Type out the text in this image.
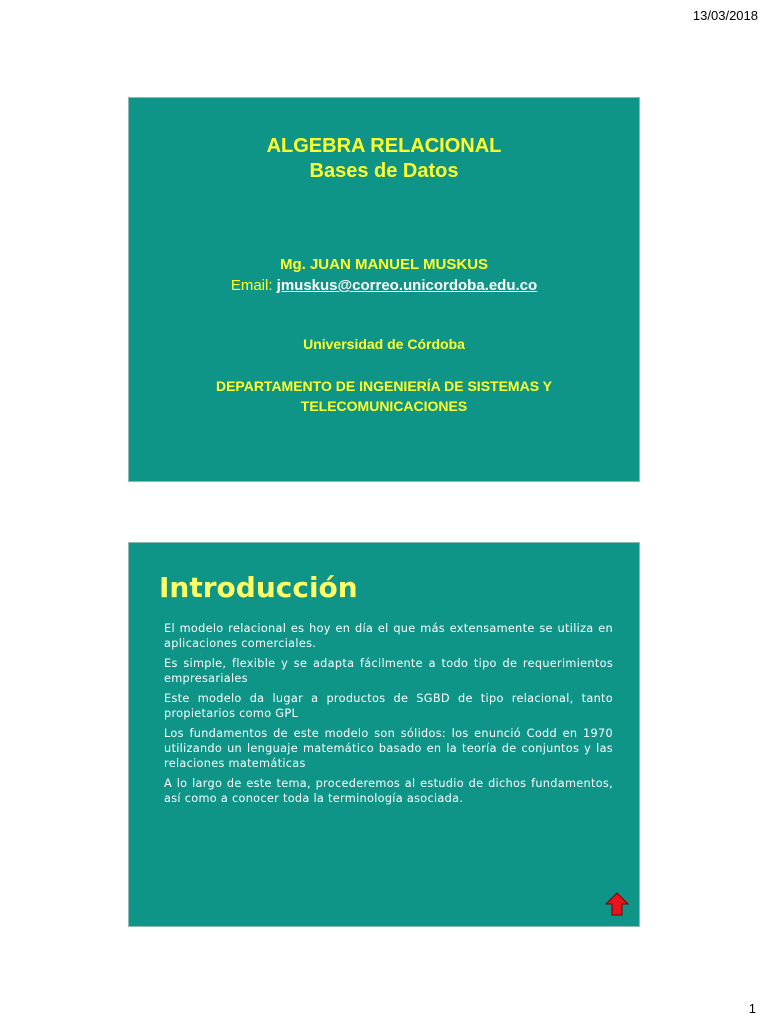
13/03/2018
ALGEBRA RELACIONAL
Bases de Datos
Mg. JUAN MANUEL MUSKUS
Email: jmuskus@correo.unicordoba.edu.co
Universidad de Córdoba
DEPARTAMENTO DE INGENIERÍA DE SISTEMAS Y TELECOMUNICACIONES
Introducción

El modelo relacional es hoy en día el que más extensamente se utiliza en aplicaciones comerciales.

Es simple, flexible y se adapta fácilmente a todo tipo de requerimientos empresariales

Este modelo da lugar a productos de SGBD de tipo relacional, tanto propietarios como GPL

Los fundamentos de este modelo son sólidos: los enunció Codd en 1970 utilizando un lenguaje matemático basado en la teoría de conjuntos y las relaciones matemáticas

A lo largo de este tema, procederemos al estudio de dichos fundamentos, así como a conocer toda la terminología asociada.

1
